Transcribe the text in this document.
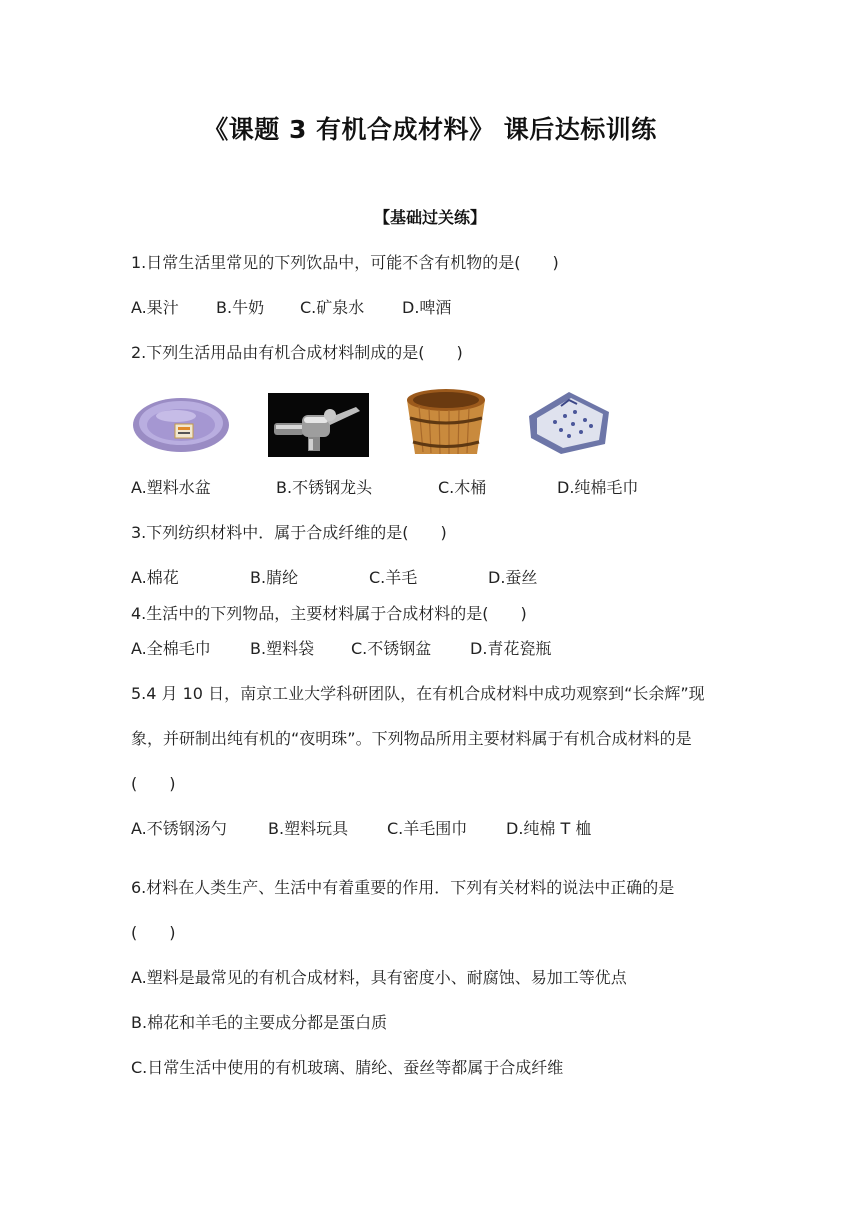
《课题 3 有机合成材料》 课后达标训练
【基础过关练】
1.日常生活里常见的下列饮品中，可能不含有机物的是(　　)
A.果汁 B.牛奶 C.矿泉水 D.啤酒
2.下列生活用品由有机合成材料制成的是(　　)
A.塑料水盆	B.不锈钢龙头	C.木桶	D.纯棉毛巾
3.下列纺织材料中．属于合成纤维的是(　　)
A.棉花	B.腈纶	C.羊毛	D.蚕丝
4.生活中的下列物品，主要材料属于合成材料的是(　　)
A.全棉毛巾 B.塑料袋 C.不锈钢盆 D.青花瓷瓶
5.4 月 10 日，南京工业大学科研团队，在有机合成材料中成功观察到“长余辉”现
象，并研制出纯有机的“夜明珠”。下列物品所用主要材料属于有机合成材料的是
(　　)
A.不锈钢汤勺	B.塑料玩具 C.羊毛围巾 D.纯棉 T 桖
6.材料在人类生产、生活中有着重要的作用．下列有关材料的说法中正确的是
(　　)
A.塑料是最常见的有机合成材料，具有密度小、耐腐蚀、易加工等优点
B.棉花和羊毛的主要成分都是蛋白质
C.日常生活中使用的有机玻璃、腈纶、蚕丝等都属于合成纤维
